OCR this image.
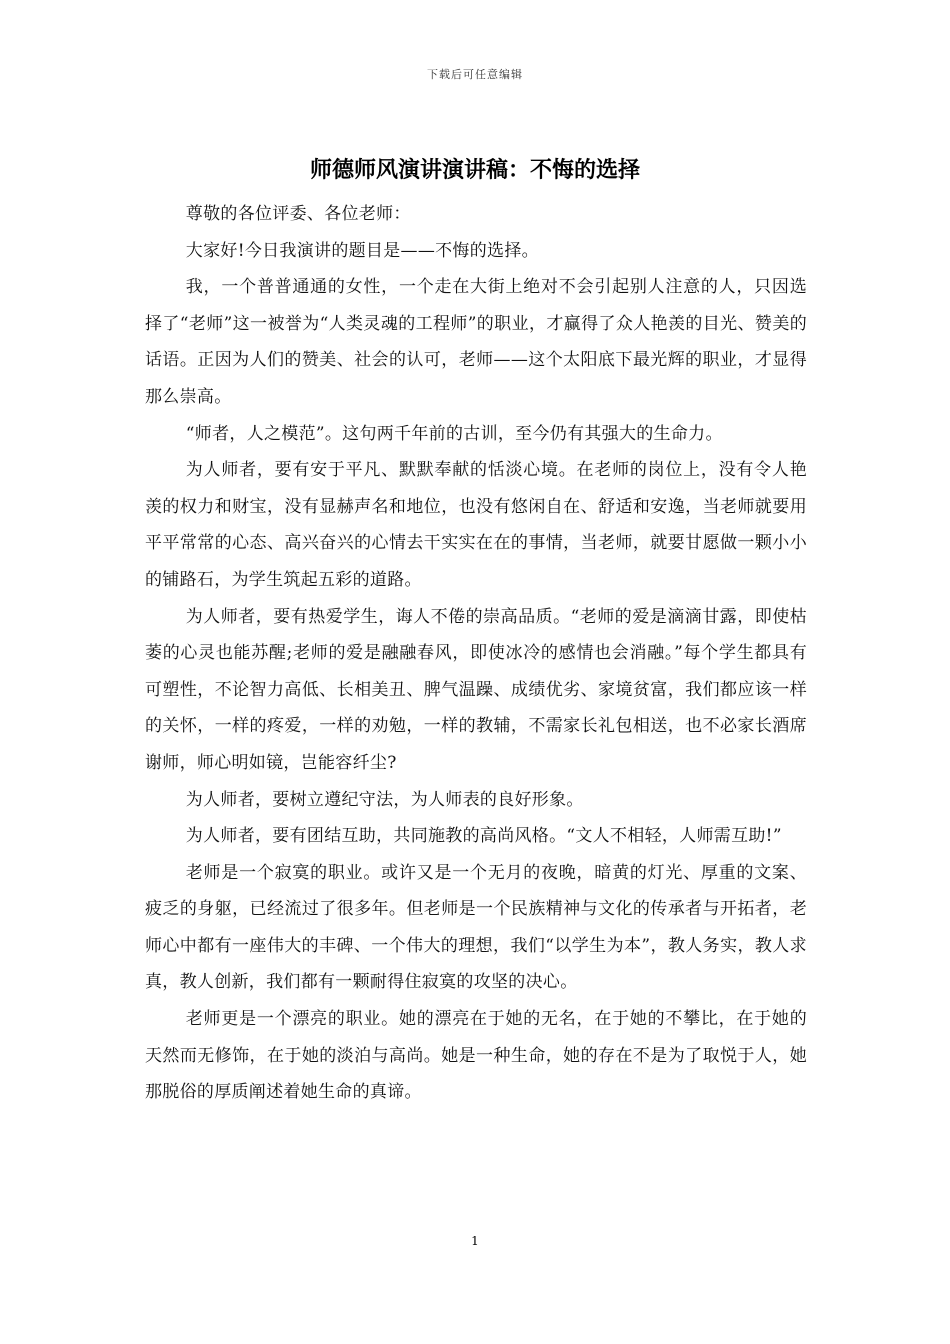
下载后可任意编辑
师德师风演讲演讲稿：不悔的选择

尊敬的各位评委、各位老师：

大家好!今日我演讲的题目是——不悔的选择。

我，一个普普通通的女性，一个走在大街上绝对不会引起别人注意的人，只因选择了“老师”这一被誉为“人类灵魂的工程师”的职业，才赢得了众人艳羡的目光、赞美的话语。正因为人们的赞美、社会的认可，老师——这个太阳底下最光辉的职业，才显得那么崇高。

“师者，人之模范”。这句两千年前的古训，至今仍有其强大的生命力。

为人师者，要有安于平凡、默默奉献的恬淡心境。在老师的岗位上，没有令人艳羡的权力和财宝，没有显赫声名和地位，也没有悠闲自在、舒适和安逸，当老师就要用平平常常的心态、高兴奋兴的心情去干实实在在的事情，当老师，就要甘愿做一颗小小的铺路石，为学生筑起五彩的道路。

为人师者，要有热爱学生，诲人不倦的崇高品质。“老师的爱是滴滴甘露，即使枯萎的心灵也能苏醒;老师的爱是融融春风，即使冰冷的感情也会消融。”每个学生都具有可塑性，不论智力高低、长相美丑、脾气温躁、成绩优劣、家境贫富，我们都应该一样的关怀，一样的疼爱，一样的劝勉，一样的教辅，不需家长礼包相送，也不必家长酒席谢师，师心明如镜，岂能容纤尘?

为人师者，要树立遵纪守法，为人师表的良好形象。

为人师者，要有团结互助，共同施教的高尚风格。“文人不相轻，人师需互助!”

老师是一个寂寞的职业。或许又是一个无月的夜晚，暗黄的灯光、厚重的文案、疲乏的身躯，已经流过了很多年。但老师是一个民族精神与文化的传承者与开拓者，老师心中都有一座伟大的丰碑、一个伟大的理想，我们“以学生为本”，教人务实，教人求真，教人创新，我们都有一颗耐得住寂寞的攻坚的决心。

老师更是一个漂亮的职业。她的漂亮在于她的无名，在于她的不攀比，在于她的天然而无修饰，在于她的淡泊与高尚。她是一种生命，她的存在不是为了取悦于人，她那脱俗的厚质阐述着她生命的真谛。

1
